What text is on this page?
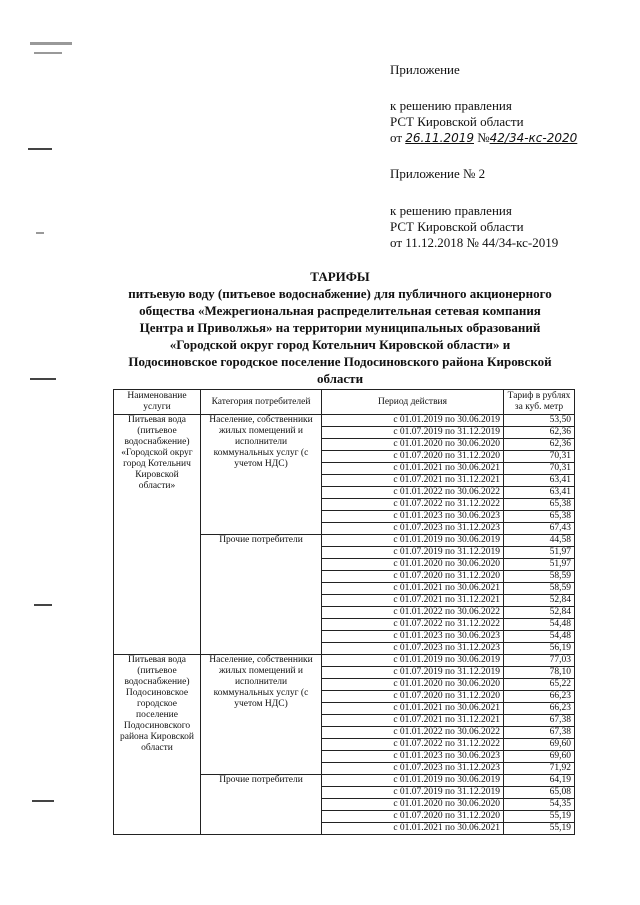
Приложение
к решению правления
РСТ Кировской области
от 26.11.2019 №42/34-кс-2020
Приложение № 2
к решению правления
РСТ Кировской области
от 11.12.2018 № 44/34-кс-2019
ТАРИФЫ
питьевую воду (питьевое водоснабжение) для публичного акционерного
общества «Межрегиональная распределительная сетевая компания
Центра и Приволжья» на территории муниципальных образований
«Городской округ город Котельнич Кировской области» и
Подосиновское городское поселение Подосиновского района Кировской
области
Наименование услуги	Категория потребителей	Период действия	Тариф в рублях за куб. метр
Питьевая вода (питьевое водоснабжение) «Городской округ город Котельнич Кировской области»	Население, собственники жилых помещений и исполнители коммунальных услуг (с учетом НДС)	с 01.01.2019 по 30.06.2019	53,50
		с 01.07.2019 по 31.12.2019	62,36
		с 01.01.2020 по 30.06.2020	62,36
		с 01.07.2020 по 31.12.2020	70,31
		с 01.01.2021 по 30.06.2021	70,31
		с 01.07.2021 по 31.12.2021	63,41
		с 01.01.2022 по 30.06.2022	63,41
		с 01.07.2022 по 31.12.2022	65,38
		с 01.01.2023 по 30.06.2023	65,38
		с 01.07.2023 по 31.12.2023	67,43
	Прочие потребители	с 01.01.2019 по 30.06.2019	44,58
		с 01.07.2019 по 31.12.2019	51,97
		с 01.01.2020 по 30.06.2020	51,97
		с 01.07.2020 по 31.12.2020	58,59
		с 01.01.2021 по 30.06.2021	58,59
		с 01.07.2021 по 31.12.2021	52,84
		с 01.01.2022 по 30.06.2022	52,84
		с 01.07.2022 по 31.12.2022	54,48
		с 01.01.2023 по 30.06.2023	54,48
		с 01.07.2023 по 31.12.2023	56,19
Питьевая вода (питьевое водоснабжение) Подосиновское городское поселение Подосиновского района Кировской области	Население, собственники жилых помещений и исполнители коммунальных услуг (с учетом НДС)	с 01.01.2019 по 30.06.2019	77,03
		с 01.07.2019 по 31.12.2019	78,10
		с 01.01.2020 по 30.06.2020	65,22
		с 01.07.2020 по 31.12.2020	66,23
		с 01.01.2021 по 30.06.2021	66,23
		с 01.07.2021 по 31.12.2021	67,38
		с 01.01.2022 по 30.06.2022	67,38
		с 01.07.2022 по 31.12.2022	69,60
		с 01.01.2023 по 30.06.2023	69,60
		с 01.07.2023 по 31.12.2023	71,92
	Прочие потребители	с 01.01.2019 по 30.06.2019	64,19
		с 01.07.2019 по 31.12.2019	65,08
		с 01.01.2020 по 30.06.2020	54,35
		с 01.07.2020 по 31.12.2020	55,19
		с 01.01.2021 по 30.06.2021	55,19
